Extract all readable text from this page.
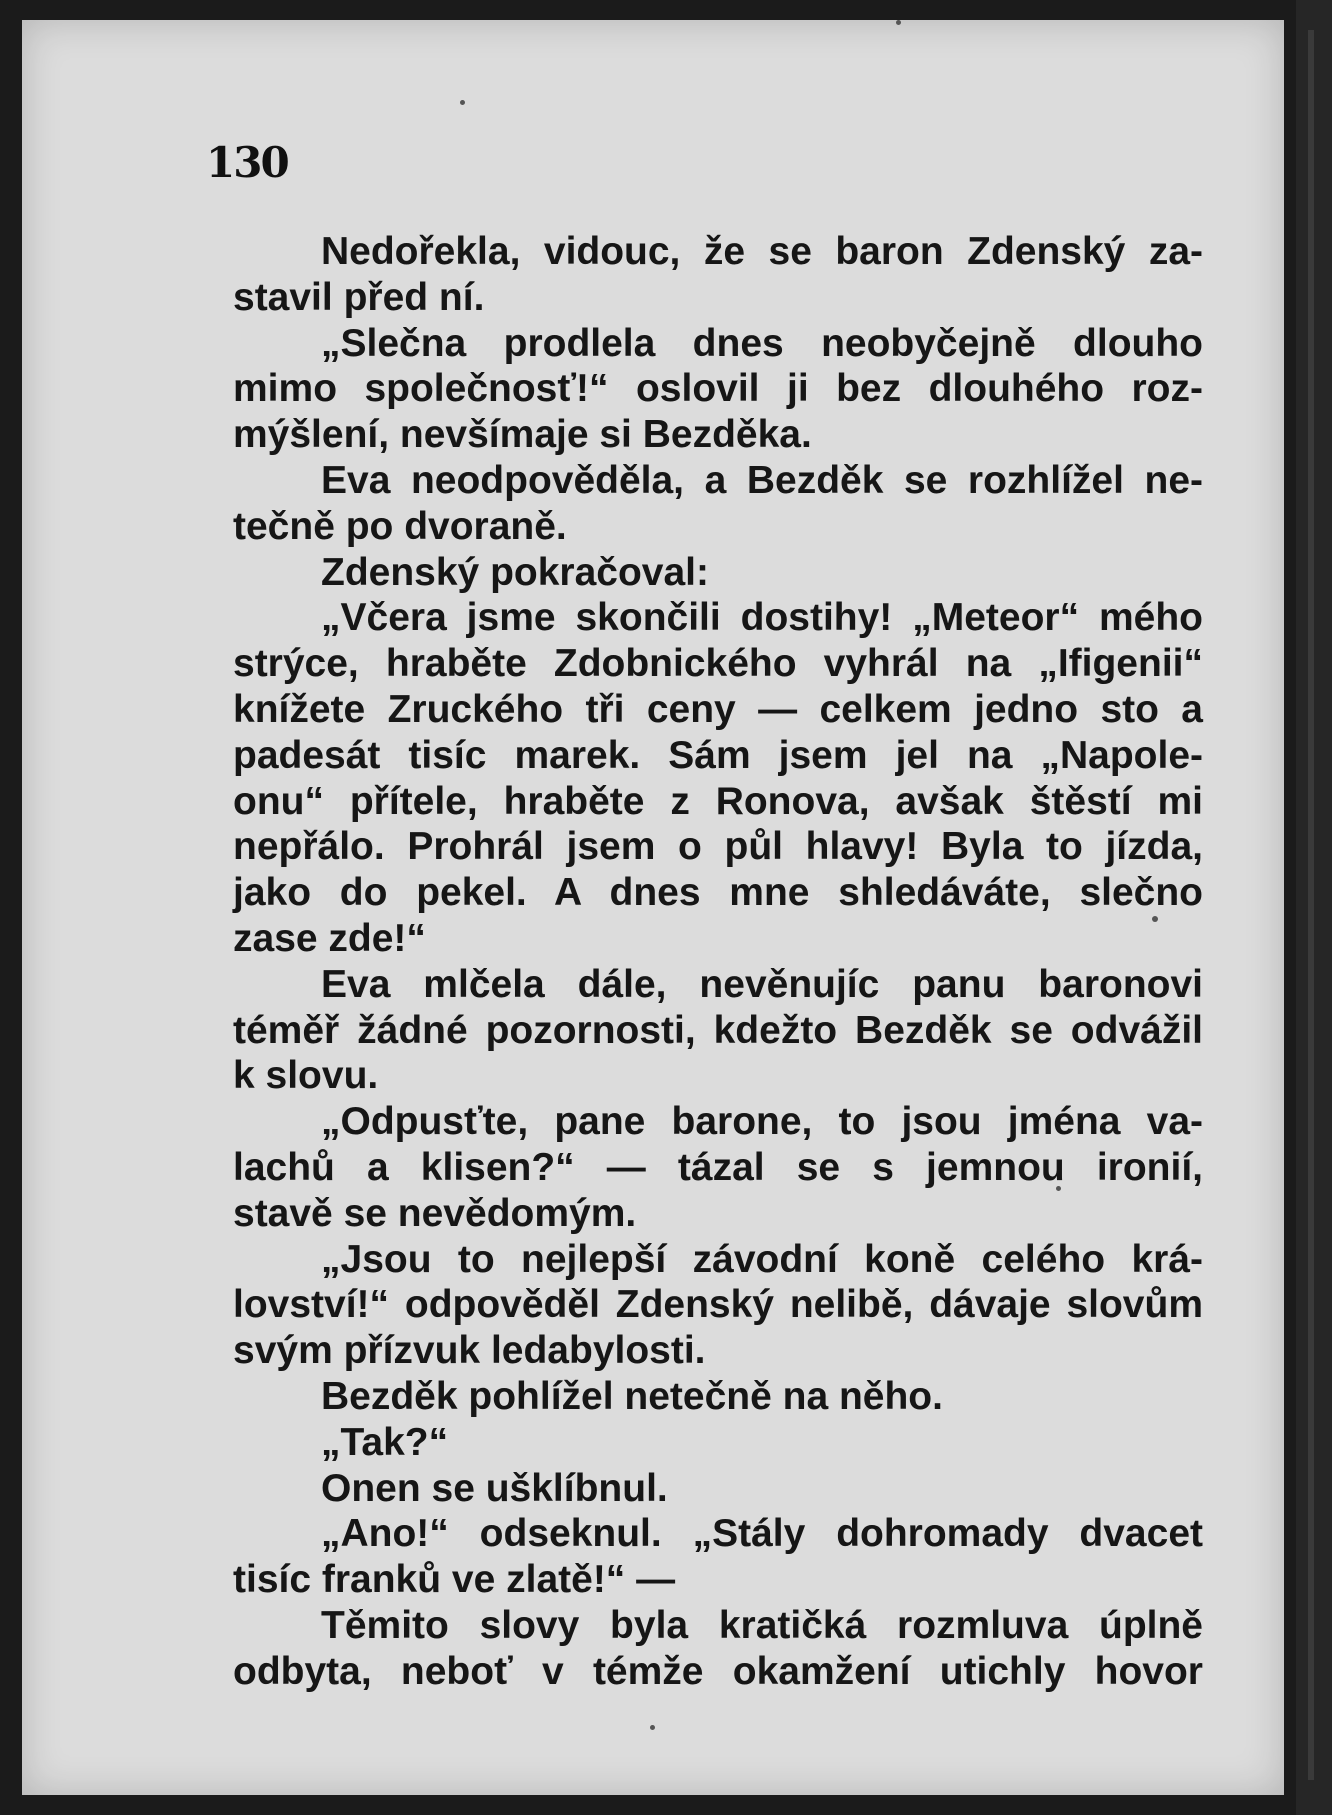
130
Nedořekla, vidouc, že se baron Zdenský za-
stavil před ní.
„Slečna prodlela dnes neobyčejně dlouho
mimo společnosť!“ oslovil ji bez dlouhého roz-
mýšlení, nevšímaje si Bezděka.
Eva neodpověděla, a Bezděk se rozhlížel ne-
tečně po dvoraně.
Zdenský pokračoval:
„Včera jsme skončili dostihy! „Meteor“ mého
strýce, hraběte Zdobnického vyhrál na „Ifigenii“
knížete Zruckého tři ceny — celkem jedno sto a
padesát tisíc marek. Sám jsem jel na „Napole-
onu“ přítele, hraběte z Ronova, avšak štěstí mi
nepřálo. Prohrál jsem o půl hlavy! Byla to jízda,
jako do pekel. A dnes mne shledáváte, slečno
zase zde!“
Eva mlčela dále, nevěnujíc panu baronovi
téměř žádné pozornosti, kdežto Bezděk se odvážil
k slovu.
„Odpusťte, pane barone, to jsou jména va-
lachů a klisen?“ — tázal se s jemnou ironií,
stavě se nevědomým.
„Jsou to nejlepší závodní koně celého krá-
lovství!“ odpověděl Zdenský nelibě, dávaje slovům
svým přízvuk ledabylosti.
Bezděk pohlížel netečně na něho.
„Tak?“
Onen se ušklíbnul.
„Ano!“ odseknul. „Stály dohromady dvacet
tisíc franků ve zlatě!“ —
Těmito slovy byla kratičká rozmluva úplně
odbyta, neboť v témže okamžení utichly hovor
